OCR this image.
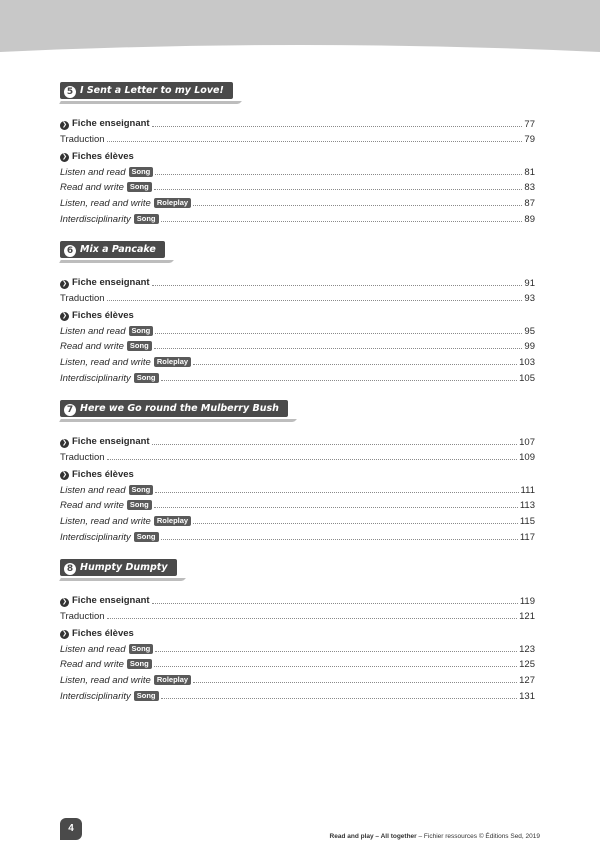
5 I Sent a Letter to my Love!
❯ Fiche enseignant	77
Traduction	79
❯ Fiches élèves
Listen and read Song	81
Read and write Song	83
Listen, read and write Roleplay	87
Interdisciplinarity Song	89
6 Mix a Pancake
❯ Fiche enseignant	91
Traduction	93
❯ Fiches élèves
Listen and read Song	95
Read and write Song	99
Listen, read and write Roleplay	103
Interdisciplinarity Song	105
7 Here we Go round the Mulberry Bush
❯ Fiche enseignant	107
Traduction	109
❯ Fiches élèves
Listen and read Song	111
Read and write Song	113
Listen, read and write Roleplay	115
Interdisciplinarity Song	117
8 Humpty Dumpty
❯ Fiche enseignant	119
Traduction	121
❯ Fiches élèves
Listen and read Song	123
Read and write Song	125
Listen, read and write Roleplay	127
Interdisciplinarity Song	131
4
Read and play – All together – Fichier ressources © Éditions Sed, 2019
